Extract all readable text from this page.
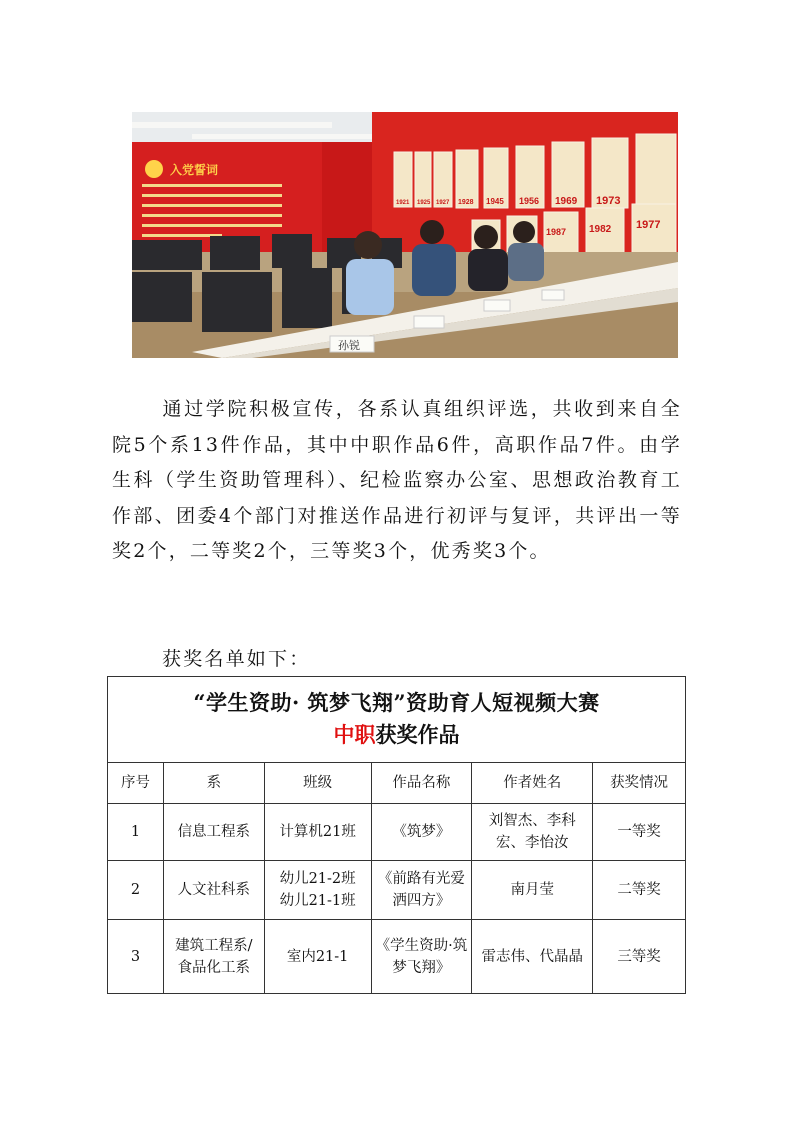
1921 1925 1927 1928 1945 1956 1969 1973
1987 1982 1977
入党誓词
孙锐

通过学院积极宣传，各系认真组织评选，共收到来自全院5个系13件作品，其中中职作品6件，高职作品7件。由学生科（学生资助管理科）、纪检监察办公室、思想政治教育工作部、团委4个部门对推送作品进行初评与复评，共评出一等奖2个，二等奖2个，三等奖3个，优秀奖3个。

获奖名单如下：

“学生资助· 筑梦飞翔”资助育人短视频大赛
中职获奖作品					

序号	系	班级	作品名称	作者姓名	获奖情况
1	信息工程系	计算机21班	《筑梦》	刘智杰、李科宏、李怡汝	一等奖
2	人文社科系	幼儿21-2班
幼儿21-1班	《前路有光爱洒四方》	南月莹	二等奖
3	建筑工程系/食品化工系	室内21-1	《学生资助·筑梦飞翔》	雷志伟、代晶晶	三等奖
